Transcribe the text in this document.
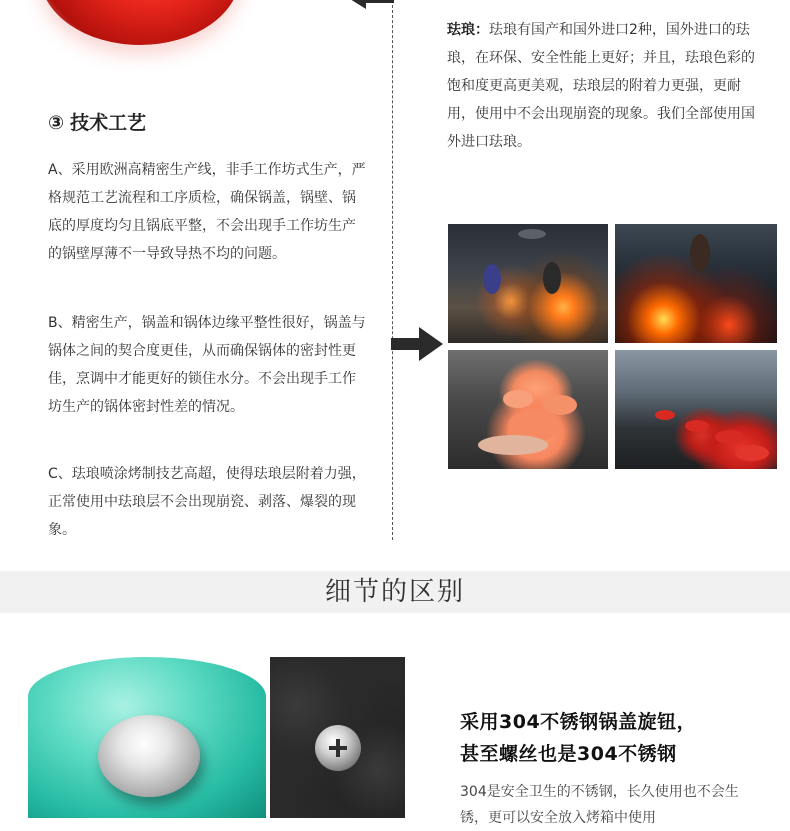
珐琅：珐琅有国产和国外进口2种，国外进口的珐琅，在环保、安全性能上更好；并且，珐琅色彩的饱和度更高更美观，珐琅层的附着力更强，更耐用，使用中不会出现崩瓷的现象。我们全部使用国外进口珐琅。
③ 技术工艺
A、采用欧洲高精密生产线，非手工作坊式生产，严格规范工艺流程和工序质检，确保锅盖，锅壁、锅底的厚度均匀且锅底平整，不会出现手工作坊生产的锅壁厚薄不一导致导热不均的问题。
B、精密生产，锅盖和锅体边缘平整性很好，锅盖与锅体之间的契合度更佳，从而确保锅体的密封性更佳，烹调中才能更好的锁住水分。不会出现手工作坊生产的锅体密封性差的情况。
C、珐琅喷涂烤制技艺高超，使得珐琅层附着力强，正常使用中珐琅层不会出现崩瓷、剥落、爆裂的现象。
细节的区别
采用304不锈钢锅盖旋钮，
甚至螺丝也是304不锈钢
304是安全卫生的不锈钢，长久使用也不会生锈，更可以安全放入烤箱中使用
